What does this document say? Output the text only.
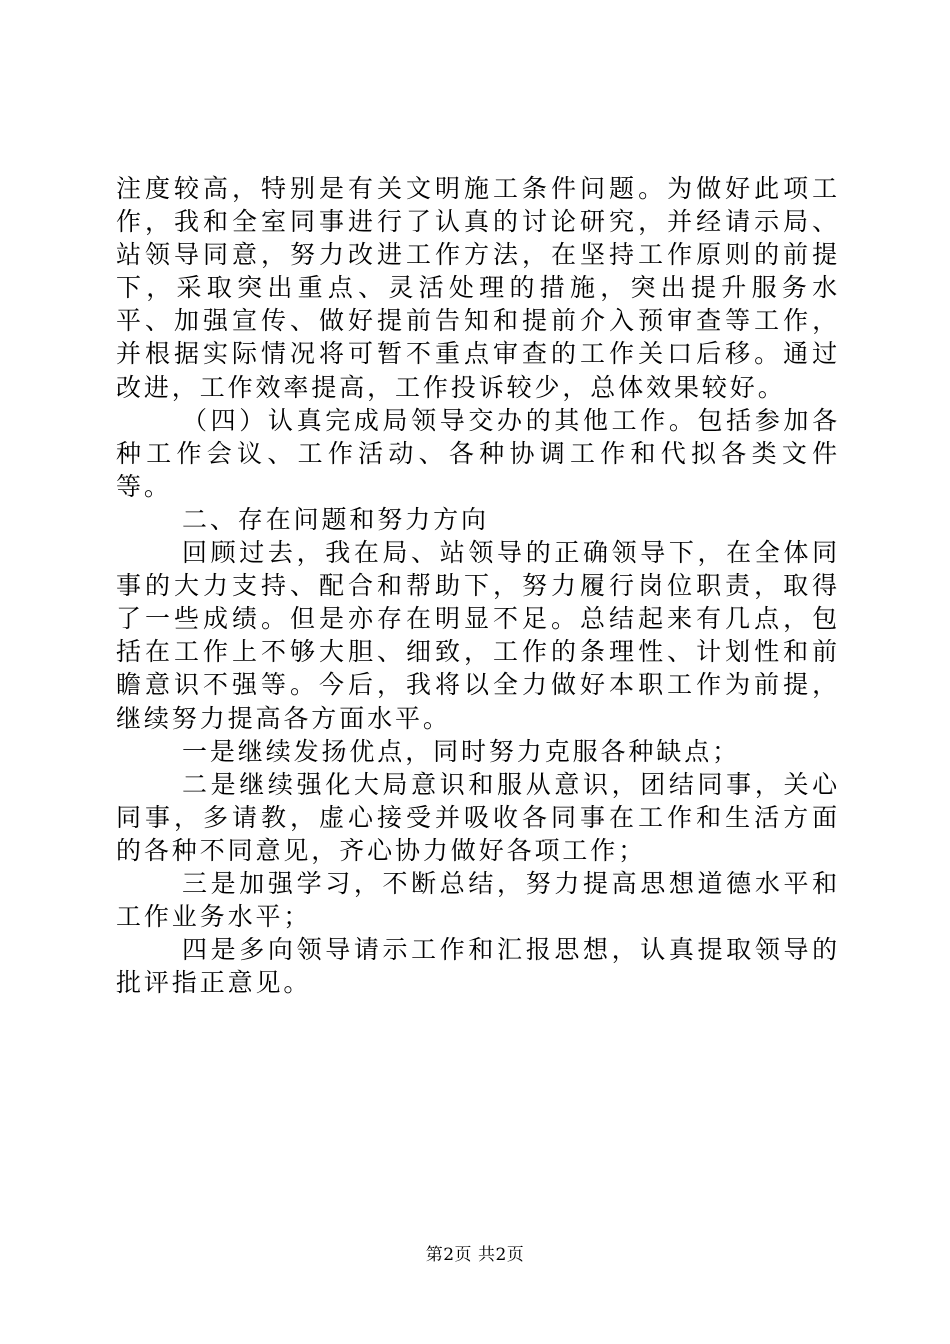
注度较高，特别是有关文明施工条件问题。为做好此项工作，我和全室同事进行了认真的讨论研究，并经请示局、站领导同意，努力改进工作方法，在坚持工作原则的前提下，采取突出重点、灵活处理的措施，突出提升服务水平、加强宣传、做好提前告知和提前介入预审查等工作，并根据实际情况将可暂不重点审查的工作关口后移。通过改进，工作效率提高，工作投诉较少，总体效果较好。

（四）认真完成局领导交办的其他工作。包括参加各种工作会议、工作活动、各种协调工作和代拟各类文件等。

二、存在问题和努力方向

回顾过去，我在局、站领导的正确领导下，在全体同事的大力支持、配合和帮助下，努力履行岗位职责，取得了一些成绩。但是亦存在明显不足。总结起来有几点，包括在工作上不够大胆、细致，工作的条理性、计划性和前瞻意识不强等。今后，我将以全力做好本职工作为前提，继续努力提高各方面水平。

一是继续发扬优点，同时努力克服各种缺点；

二是继续强化大局意识和服从意识，团结同事，关心同事，多请教，虚心接受并吸收各同事在工作和生活方面的各种不同意见，齐心协力做好各项工作；

三是加强学习，不断总结，努力提高思想道德水平和工作业务水平；

四是多向领导请示工作和汇报思想，认真提取领导的批评指正意见。

第2页 共2页
